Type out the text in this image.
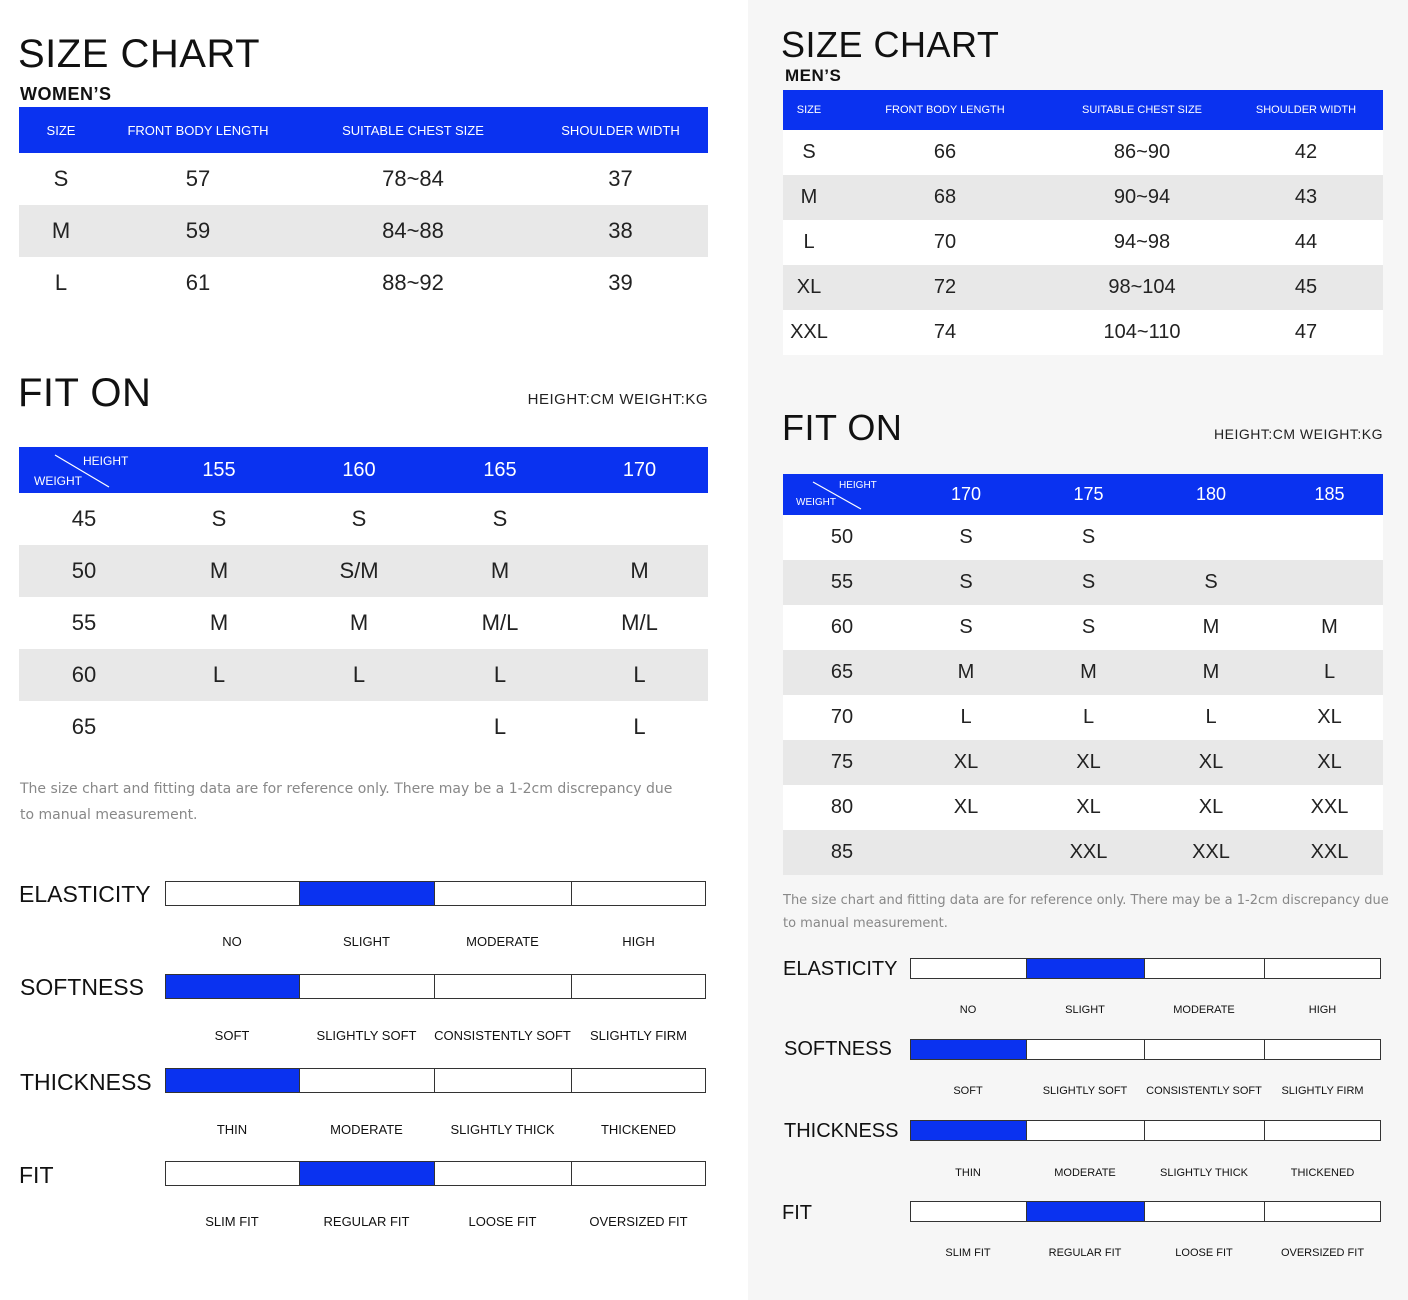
SIZE CHART
WOMEN’S
SIZE	FRONT BODY LENGTH	SUITABLE CHEST SIZE	SHOULDER WIDTH
S	57	78~84	37
M	59	84~88	38
L	61	88~92	39
FIT ON	HEIGHT:CM WEIGHT:KG
HEIGHT
WEIGHT	155	160	165	170
45	S	S	S	
50	M	S/M	M	M
55	M	M	M/L	M/L
60	L	L	L	L
65			L	L
The size chart and fitting data are for reference only. There may be a 1-2cm discrepancy due
to manual measurement.
ELASTICITY
NO	SLIGHT	MODERATE	HIGH
SOFTNESS
SOFT	SLIGHTLY SOFT	CONSISTENTLY SOFT	SLIGHTLY FIRM
THICKNESS
THIN	MODERATE	SLIGHTLY THICK	THICKENED
FIT
SLIM FIT	REGULAR FIT	LOOSE FIT	OVERSIZED FIT
SIZE CHART
MEN’S
SIZE	FRONT BODY LENGTH	SUITABLE CHEST SIZE	SHOULDER WIDTH
S	66	86~90	42
M	68	90~94	43
L	70	94~98	44
XL	72	98~104	45
XXL	74	104~110	47
FIT ON	HEIGHT:CM WEIGHT:KG
HEIGHT
WEIGHT	170	175	180	185
50	S	S		
55	S	S	S	
60	S	S	M	M
65	M	M	M	L
70	L	L	L	XL
75	XL	XL	XL	XL
80	XL	XL	XL	XXL
85		XXL	XXL	XXL
The size chart and fitting data are for reference only. There may be a 1-2cm discrepancy due
to manual measurement.
ELASTICITY
NO	SLIGHT	MODERATE	HIGH
SOFTNESS
SOFT	SLIGHTLY SOFT	CONSISTENTLY SOFT	SLIGHTLY FIRM
THICKNESS
THIN	MODERATE	SLIGHTLY THICK	THICKENED
FIT
SLIM FIT	REGULAR FIT	LOOSE FIT	OVERSIZED FIT
